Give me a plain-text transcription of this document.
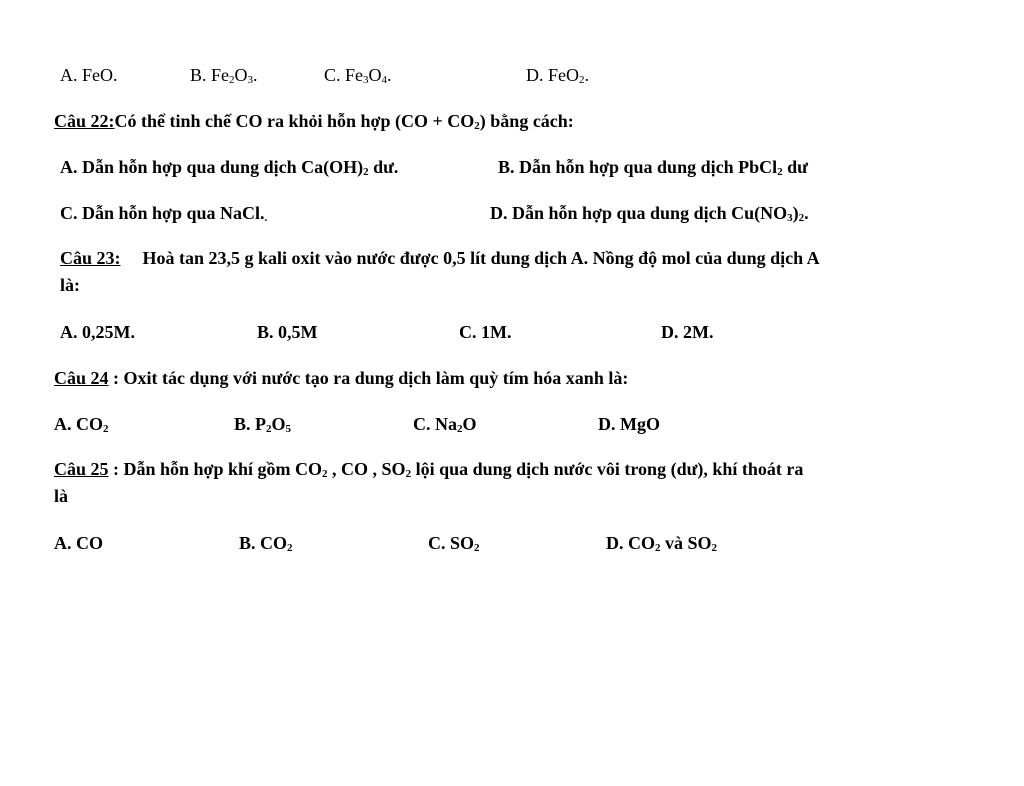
A. FeO.	B. $Fe_2O_3$.	C. $Fe_3O_4$.	D. FeO$_2$.
Câu 22:Có thể tinh chế CO ra khỏi hỗn hợp $(CO + CO_2)$ bằng cách:
A. Dẫn hỗn hợp qua dung dịch $Ca(OH)_2$ dư.	B. Dẫn hỗn hợp qua dung dịch PbCl$_2$ dư
C. Dẫn hỗn hợp qua $NaCl._.$	D. Dẫn hỗn hợp qua dung dịch $Cu(NO_3)_2$.
Câu 23: Hoà tan 23,5 g kali oxit vào nước được 0,5 lít dung dịch A. Nồng độ mol của dung dịch A
là:
A. 0,25M.	B. 0,5M	C. 1M.	D. 2M.
Câu 24 : Oxit tác dụng với nước tạo ra dung dịch làm quỳ tím hóa xanh là:
A. $CO_2$	B. $P_2O_5$	C. $Na_2O$	D. MgO
Câu 25 : Dẫn hỗn hợp khí gồm $CO_2$ , CO , $SO_2$ lội qua dung dịch nước vôi trong (dư), khí thoát ra
là
A. CO	B. $CO_2$	C. $SO_2$	D. $CO_2$ và $SO_2$
